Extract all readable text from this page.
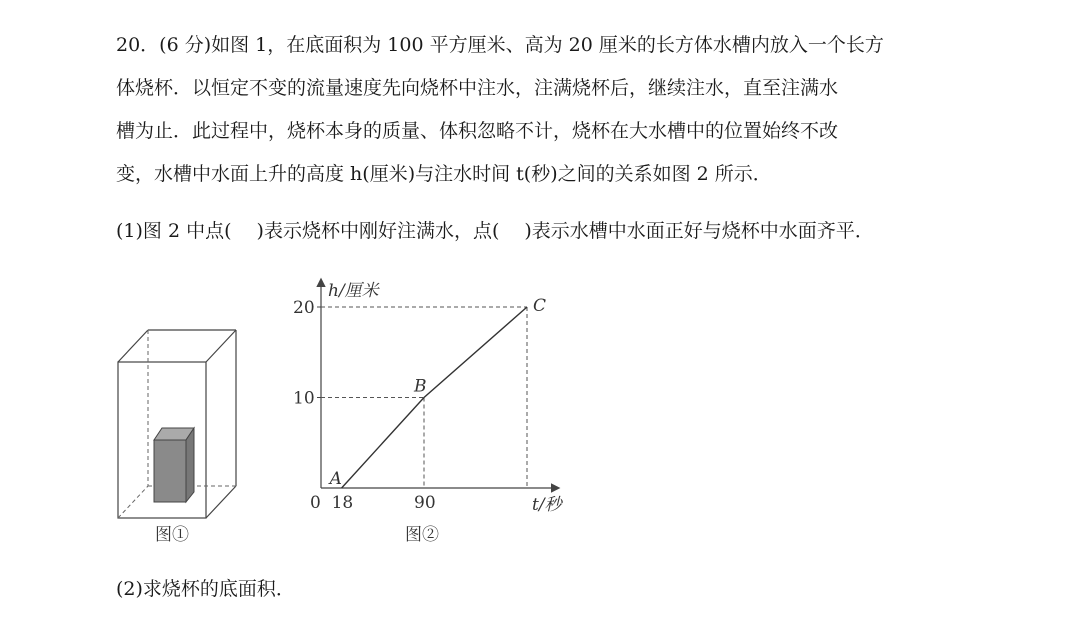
20．(6 分)如图 1，在底面积为 100 平方厘米、高为 20 厘米的长方体水槽内放入一个长方
体烧杯．以恒定不变的流量速度先向烧杯中注水，注满烧杯后，继续注水，直至注满水
槽为止．此过程中，烧杯本身的质量、体积忽略不计，烧杯在大水槽中的位置始终不改
变，水槽中水面上升的高度 h(厘米)与注水时间 t(秒)之间的关系如图 2 所示．
(1)图 2 中点(　 )表示烧杯中刚好注满水，点(　 )表示水槽中水面正好与烧杯中水面齐平．
图①
h/厘米
t/秒
0
A
B
C
10
20
18	90
图②
(2)求烧杯的底面积．
